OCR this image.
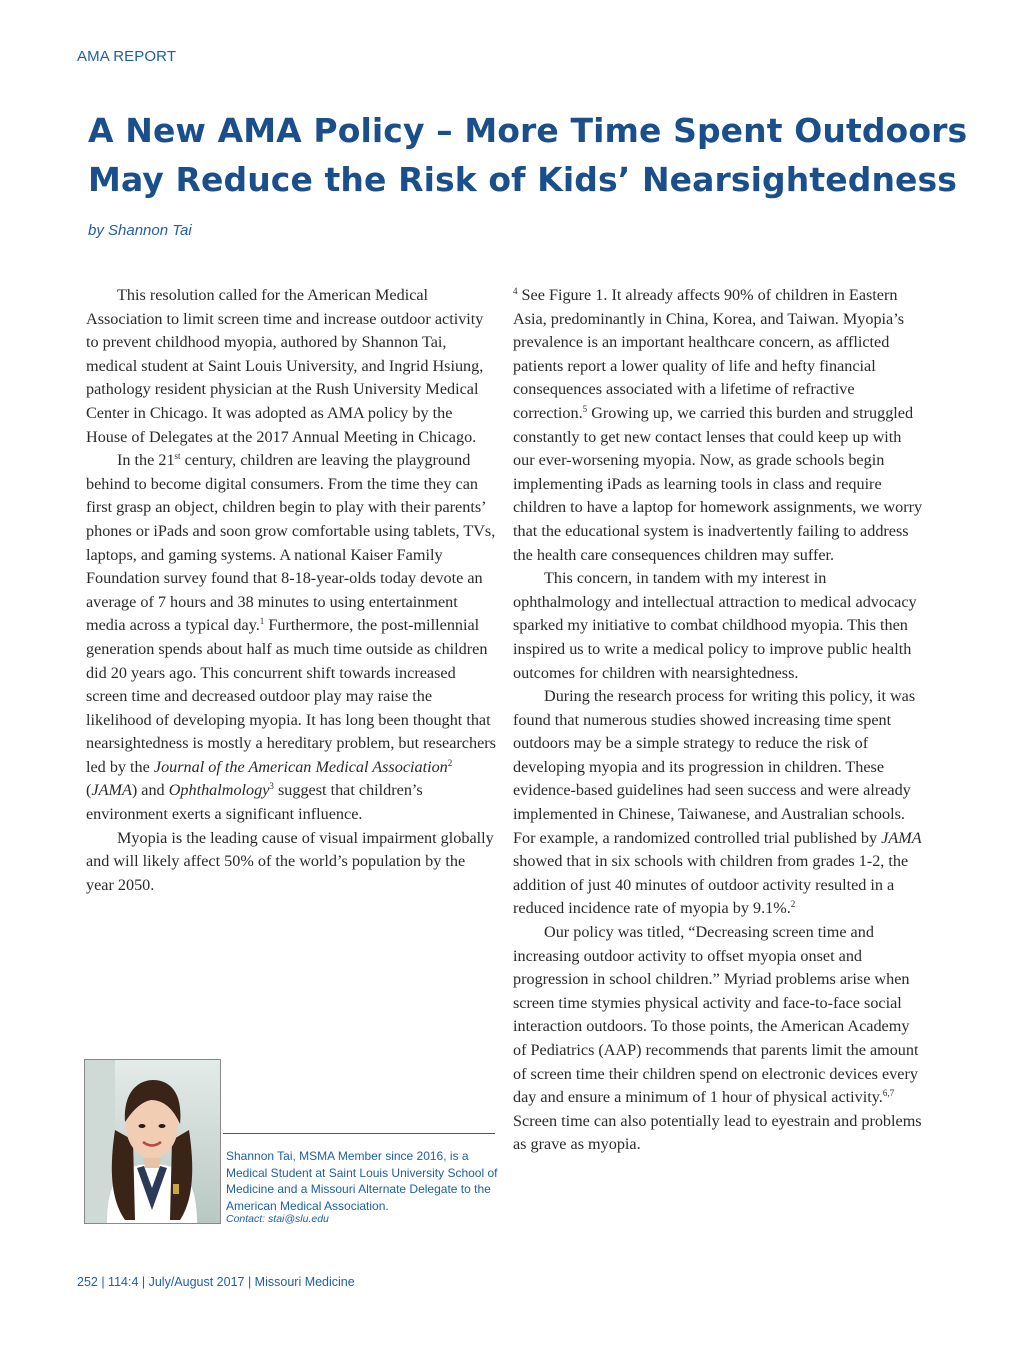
AMA REPORT
A New AMA Policy – More Time Spent Outdoors May Reduce the Risk of Kids’ Nearsightedness
by Shannon Tai

This resolution called for the American Medical Association to limit screen time and increase outdoor activity to prevent childhood myopia, authored by Shannon Tai, medical student at Saint Louis University, and Ingrid Hsiung, pathology resident physician at the Rush University Medical Center in Chicago. It was adopted as AMA policy by the House of Delegates at the 2017 Annual Meeting in Chicago.

In the 21st century, children are leaving the playground behind to become digital consumers. From the time they can first grasp an object, children begin to play with their parents’ phones or iPads and soon grow comfortable using tablets, TVs, laptops, and gaming systems. A national Kaiser Family Foundation survey found that 8-18-year-olds today devote an average of 7 hours and 38 minutes to using entertainment media across a typical day.$^1$ Furthermore, the post-millennial generation spends about half as much time outside as children did 20 years ago. This concurrent shift towards increased screen time and decreased outdoor play may raise the likelihood of developing myopia. It has long been thought that nearsightedness is mostly a hereditary problem, but researchers led by the Journal of the American Medical Association$^2$ (JAMA) and Ophthalmology$^3$ suggest that children’s environment exerts a significant influence.

Myopia is the leading cause of visual impairment globally and will likely affect 50% of the world’s population by the year 2050.

$^4$ See Figure 1. It already affects 90% of children in Eastern Asia, predominantly in China, Korea, and Taiwan. Myopia’s prevalence is an important healthcare concern, as afflicted patients report a lower quality of life and hefty financial consequences associated with a lifetime of refractive correction.$^5$ Growing up, we carried this burden and struggled constantly to get new contact lenses that could keep up with our ever-worsening myopia. Now, as grade schools begin implementing iPads as learning tools in class and require children to have a laptop for homework assignments, we worry that the educational system is inadvertently failing to address the health care consequences children may suffer.

This concern, in tandem with my interest in ophthalmology and intellectual attraction to medical advocacy sparked my initiative to combat childhood myopia. This then inspired us to write a medical policy to improve public health outcomes for children with nearsightedness.

During the research process for writing this policy, it was found that numerous studies showed increasing time spent outdoors may be a simple strategy to reduce the risk of developing myopia and its progression in children. These evidence-based guidelines had seen success and were already implemented in Chinese, Taiwanese, and Australian schools. For example, a randomized controlled trial published by JAMA showed that in six schools with children from grades 1-2, the addition of just 40 minutes of outdoor activity resulted in a reduced incidence rate of myopia by 9.1%.$^2$

Our policy was titled, “Decreasing screen time and increasing outdoor activity to offset myopia onset and progression in school children.” Myriad problems arise when screen time stymies physical activity and face-to-face social interaction outdoors. To those points, the American Academy of Pediatrics (AAP) recommends that parents limit the amount of screen time their children spend on electronic devices every day and ensure a minimum of 1 hour of physical activity.$^{6,7}$ Screen time can also potentially lead to eyestrain and problems as grave as myopia.

Shannon Tai, MSMA Member since 2016, is a Medical Student at Saint Louis University School of Medicine and a Missouri Alternate Delegate to the American Medical Association.
Contact: stai@slu.edu
252 | 114:4 | July/August 2017 | Missouri Medicine
